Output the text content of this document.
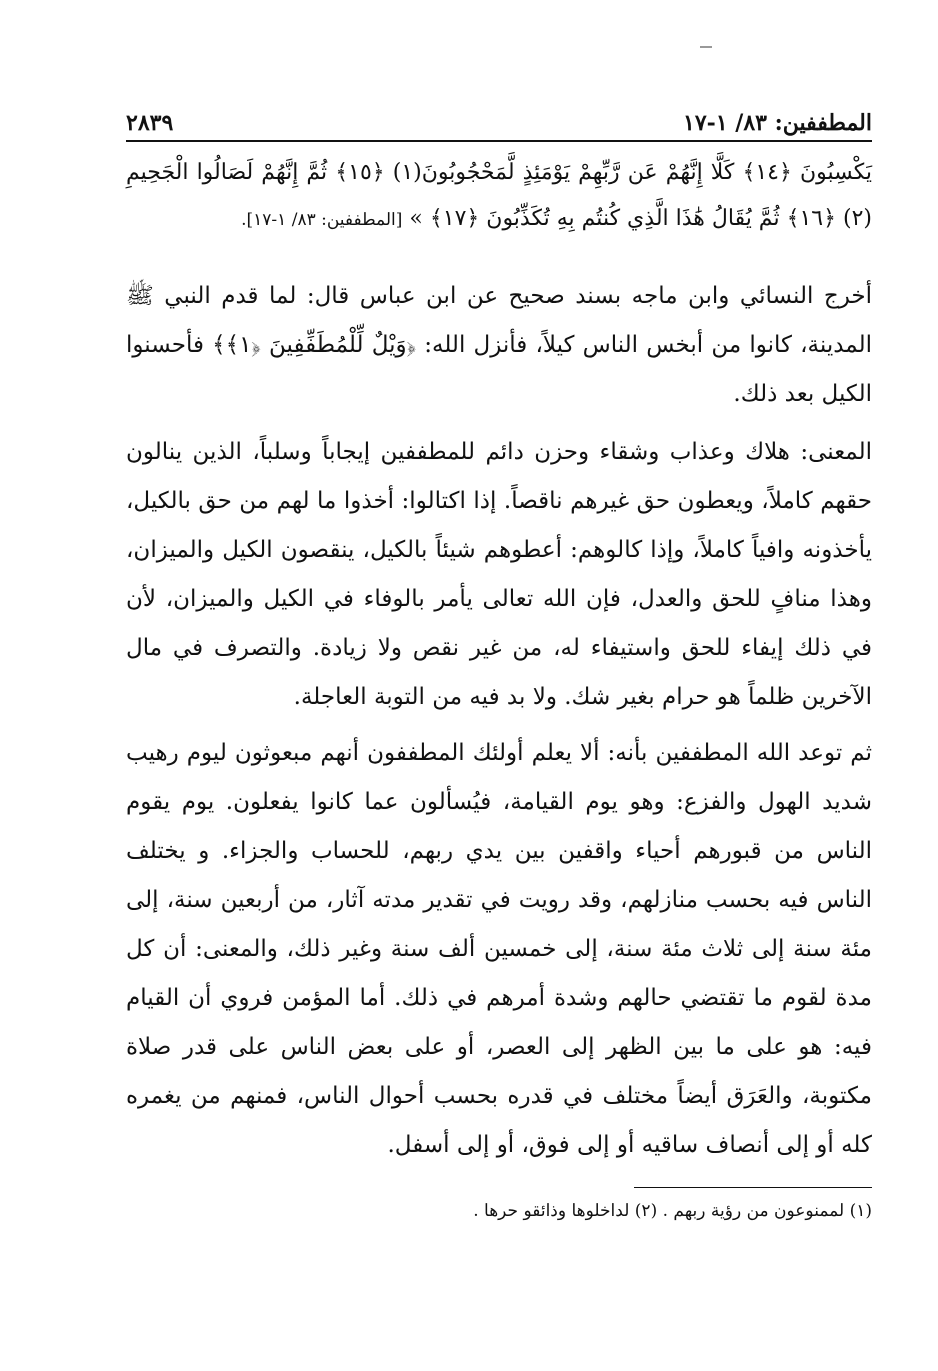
المطففين: ٨٣/ ١-١٧
٢٨٣٩
يَكْسِبُونَ ﴿١٤﴾ كَلَّا إِنَّهُمْ عَن رَّبِّهِمْ يَوْمَئِذٍ لَّمَحْجُوبُونَ(١) ﴿١٥﴾ ثُمَّ إِنَّهُمْ لَصَالُوا الْجَحِيمِ (٢) ﴿١٦﴾ ثُمَّ يُقَالُ هَٰذَا الَّذِي كُنتُم بِهِ تُكَذِّبُونَ ﴿١٧﴾ » [المطففين: ٨٣/ ١-١٧].

أخرج النسائي وابن ماجه بسند صحيح عن ابن عباس قال: لما قدم النبي ﷺ المدينة، كانوا من أبخس الناس كيلاً، فأنزل الله: ﴿وَيْلٌ لِّلْمُطَفِّفِينَ ﴿١﴾﴾ فأحسنوا الكيل بعد ذلك.

المعنى: هلاك وعذاب وشقاء وحزن دائم للمطففين إيجاباً وسلباً، الذين ينالون حقهم كاملاً، ويعطون حق غيرهم ناقصاً. إذا اكتالوا: أخذوا ما لهم من حق بالكيل، يأخذونه وافياً كاملاً، وإذا كالوهم: أعطوهم شيئاً بالكيل، ينقصون الكيل والميزان، وهذا منافٍ للحق والعدل، فإن الله تعالى يأمر بالوفاء في الكيل والميزان، لأن في ذلك إيفاء للحق واستيفاء له، من غير نقص ولا زيادة. والتصرف في مال الآخرين ظلماً هو حرام بغير شك. ولا بد فيه من التوبة العاجلة.

ثم توعد الله المطففين بأنه: ألا يعلم أولئك المطففون أنهم مبعوثون ليوم رهيب شديد الهول والفزع: وهو يوم القيامة، فيُسألون عما كانوا يفعلون. يوم يقوم الناس من قبورهم أحياء واقفين بين يدي ربهم، للحساب والجزاء. و يختلف الناس فيه بحسب منازلهم، وقد رويت في تقدير مدته آثار، من أربعين سنة، إلى مئة سنة إلى ثلاث مئة سنة، إلى خمسين ألف سنة وغير ذلك، والمعنى: أن كل مدة لقوم ما تقتضي حالهم وشدة أمرهم في ذلك. أما المؤمن فروي أن القيام فيه: هو على ما بين الظهر إلى العصر، أو على بعض الناس على قدر صلاة مكتوبة، والعَرَق أيضاً مختلف في قدره بحسب أحوال الناس، فمنهم من يغمره كله أو إلى أنصاف ساقيه أو إلى فوق، أو إلى أسفل.

(١) لممنوعون من رؤية ربهم . (٢) لداخلوها وذائقو حرها .
